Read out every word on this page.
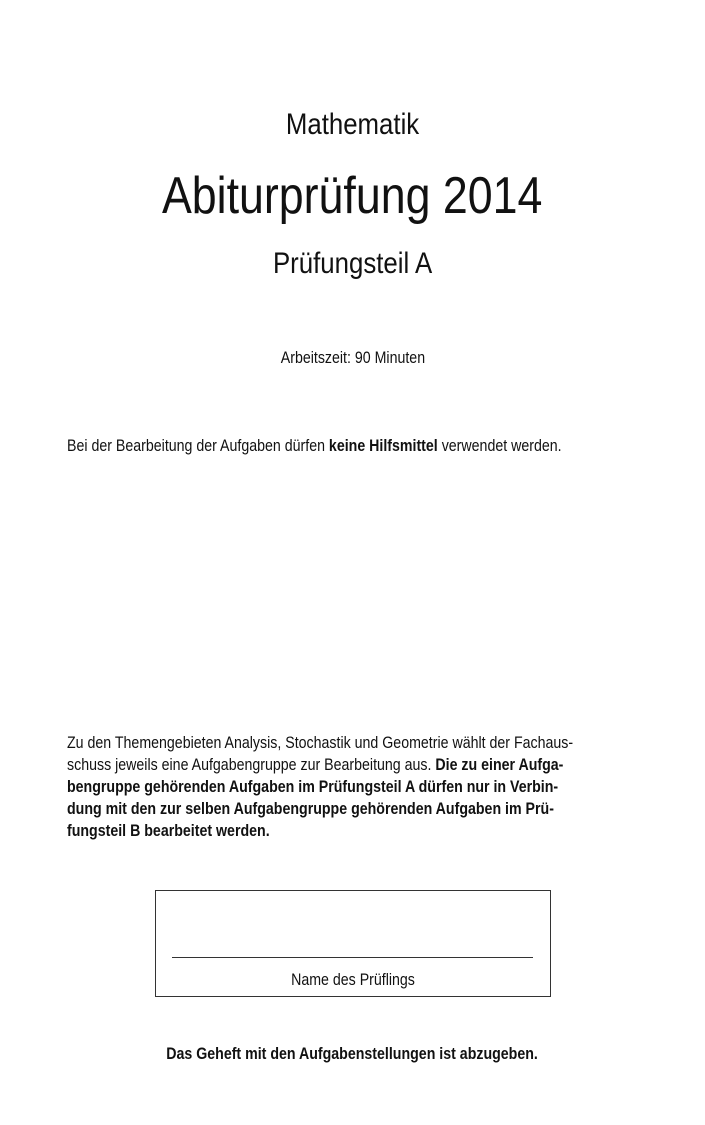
Mathematik
Abiturprüfung 2014
Prüfungsteil A
Arbeitszeit: 90 Minuten
Bei der Bearbeitung der Aufgaben dürfen keine Hilfsmittel verwendet werden.
Zu den Themengebieten Analysis, Stochastik und Geometrie wählt der Fachaus-
schuss jeweils eine Aufgabengruppe zur Bearbeitung aus. Die zu einer Aufga-
bengruppe gehörenden Aufgaben im Prüfungsteil A dürfen nur in Verbin-
dung mit den zur selben Aufgabengruppe gehörenden Aufgaben im Prü-
fungsteil B bearbeitet werden.
Name des Prüflings
Das Geheft mit den Aufgabenstellungen ist abzugeben.
